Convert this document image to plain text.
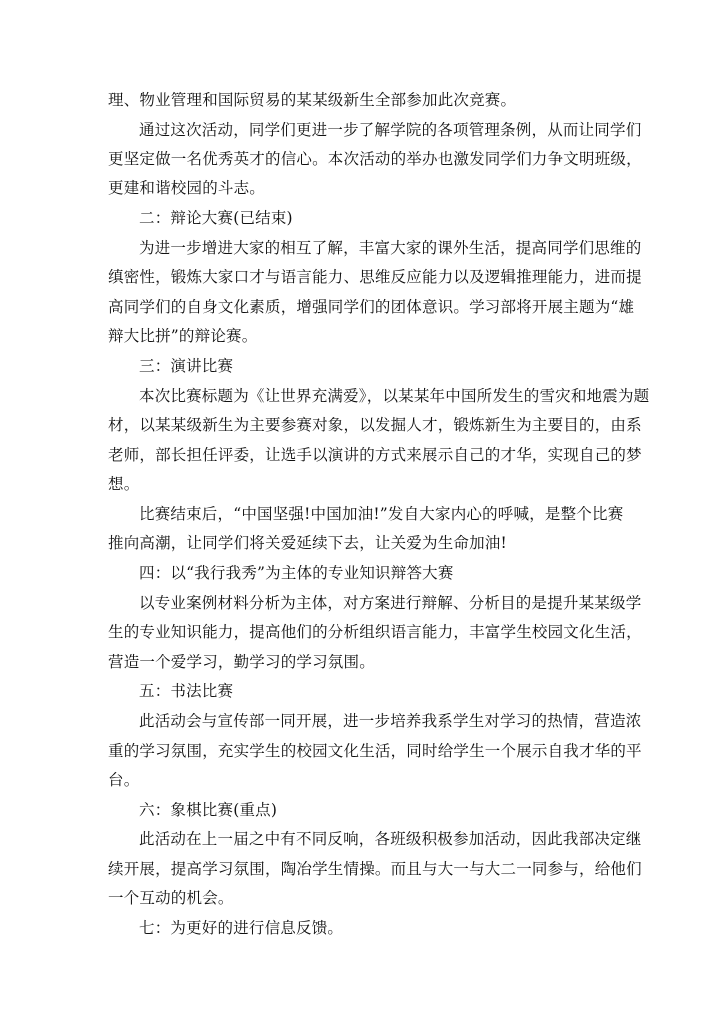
理、物业管理和国际贸易的某某级新生全部参加此次竞赛。
通过这次活动，同学们更进一步了解学院的各项管理条例，从而让同学们
更坚定做一名优秀英才的信心。本次活动的举办也激发同学们力争文明班级，
更建和谐校园的斗志。
二：辩论大赛(已结束)
为进一步增进大家的相互了解，丰富大家的课外生活，提高同学们思维的
缜密性，锻炼大家口才与语言能力、思维反应能力以及逻辑推理能力，进而提
高同学们的自身文化素质，增强同学们的团体意识。学习部将开展主题为“雄
辩大比拼”的辩论赛。
三：演讲比赛
本次比赛标题为《让世界充满爱》，以某某年中国所发生的雪灾和地震为题
材，以某某级新生为主要参赛对象，以发掘人才，锻炼新生为主要目的，由系
老师，部长担任评委，让选手以演讲的方式来展示自己的才华，实现自己的梦
想。
比赛结束后，“中国坚强!中国加油!”发自大家内心的呼喊，是整个比赛
推向高潮，让同学们将关爱延续下去，让关爱为生命加油!
四：以“我行我秀”为主体的专业知识辩答大赛
以专业案例材料分析为主体，对方案进行辩解、分析目的是提升某某级学
生的专业知识能力，提高他们的分析组织语言能力，丰富学生校园文化生活，
营造一个爱学习，勤学习的学习氛围。
五：书法比赛
此活动会与宣传部一同开展，进一步培养我系学生对学习的热情，营造浓
重的学习氛围，充实学生的校园文化生活，同时给学生一个展示自我才华的平
台。
六：象棋比赛(重点)
此活动在上一届之中有不同反响，各班级积极参加活动，因此我部决定继
续开展，提高学习氛围，陶冶学生情操。而且与大一与大二一同参与，给他们
一个互动的机会。
七：为更好的进行信息反馈。
